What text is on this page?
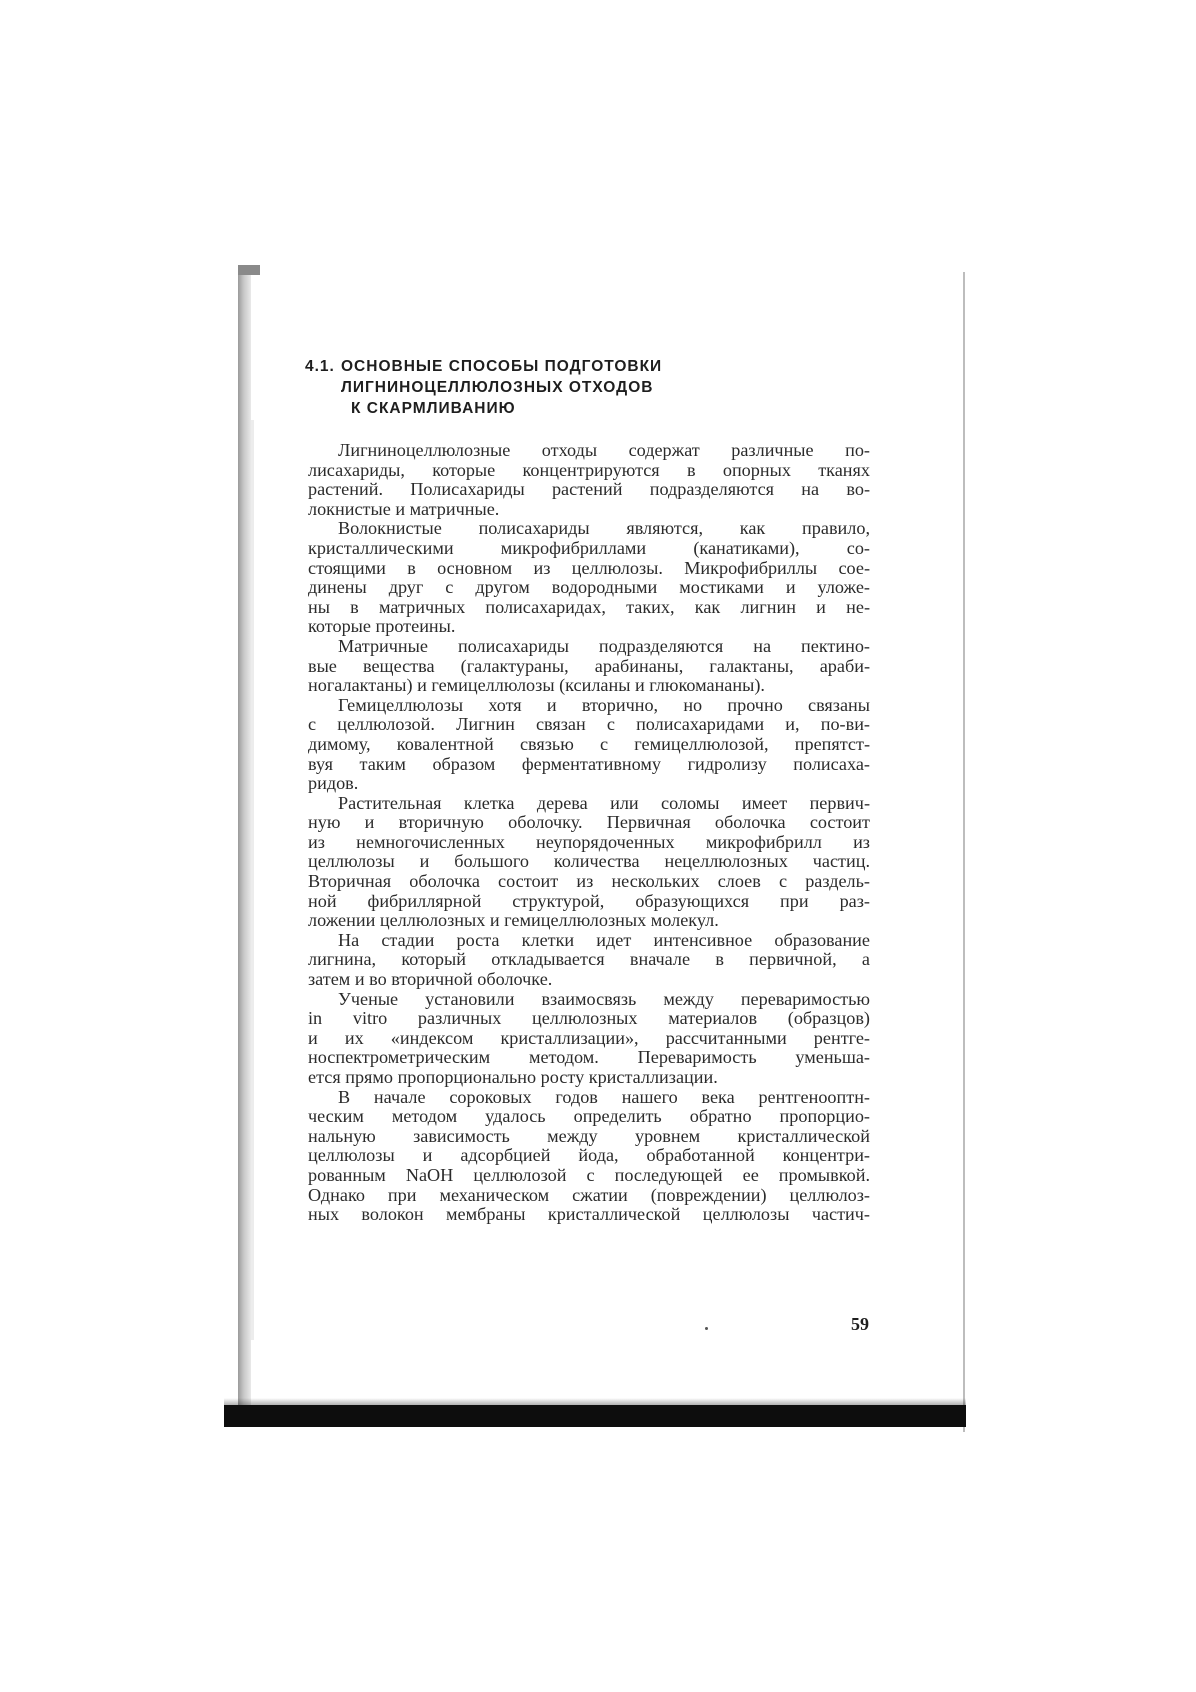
4.1. ОСНОВНЫЕ СПОСОБЫ ПОДГОТОВКИ
ЛИГНИНОЦЕЛЛЮЛОЗНЫХ ОТХОДОВ
К СКАРМЛИВАНИЮ
Лигниноцеллюлозные отходы содержат различные по-
лисахариды, которые концентрируются в опорных тканях
растений. Полисахариды растений подразделяются на во-
локнистые и матричные.
Волокнистые полисахариды являются, как правило,
кристаллическими микрофибриллами (канатиками), со-
стоящими в основном из целлюлозы. Микрофибриллы сое-
динены друг с другом водородными мостиками и уложе-
ны в матричных полисахаридах, таких, как лигнин и не-
которые протеины.
Матричные полисахариды подразделяются на пектино-
вые вещества (галактураны, арабинаны, галактаны, араби-
ногалактаны) и гемицеллюлозы (ксиланы и глюкомананы).
Гемицеллюлозы хотя и вторично, но прочно связаны
с целлюлозой. Лигнин связан с полисахаридами и, по-ви-
димому, ковалентной связью с гемицеллюлозой, препятст-
вуя таким образом ферментативному гидролизу полисаха-
ридов.
Растительная клетка дерева или соломы имеет первич-
ную и вторичную оболочку. Первичная оболочка состоит
из немногочисленных неупорядоченных микрофибрилл из
целлюлозы и большого количества нецеллюлозных частиц.
Вторичная оболочка состоит из нескольких слоев с раздель-
ной фибриллярной структурой, образующихся при раз-
ложении целлюлозных и гемицеллюлозных молекул.
На стадии роста клетки идет интенсивное образование
лигнина, который откладывается вначале в первичной, а
затем и во вторичной оболочке.
Ученые установили взаимосвязь между переваримостью
in vitro различных целлюлозных материалов (образцов)
и их «индексом кристаллизации», рассчитанными рентге-
носпектрометрическим методом. Переваримость уменьша-
ется прямо пропорционально росту кристаллизации.
В начале сороковых годов нашего века рентгенооптн-
ческим методом удалось определить обратно пропорцио-
нальную зависимость между уровнем кристаллической
целлюлозы и адсорбцией йода, обработанной концентри-
рованным NaOH целлюлозой с последующей ее промывкой.
Однако при механическом сжатии (повреждении) целлюлоз-
ных волокон мембраны кристаллической целлюлозы частич-
59
